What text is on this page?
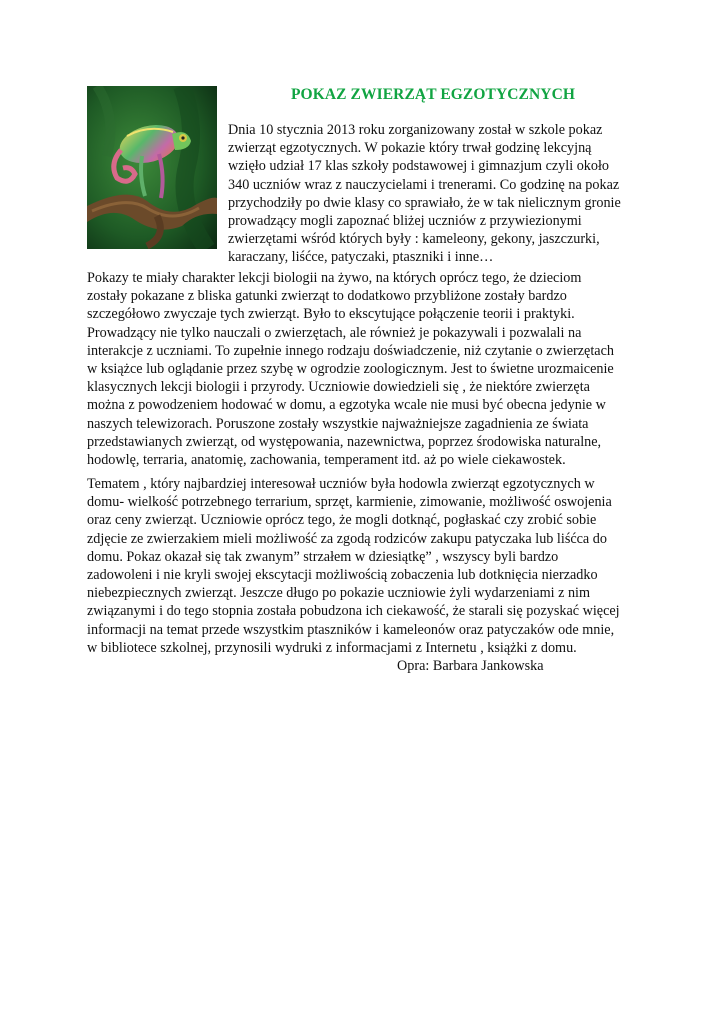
POKAZ ZWIERZĄT EGZOTYCZNYCH
Dnia 10 stycznia 2013 roku zorganizowany został w szkole pokaz
zwierząt egzotycznych. W pokazie który trwał godzinę lekcyjną
wzięło udział 17 klas szkoły podstawowej i gimnazjum czyli około
340 uczniów wraz z nauczycielami i trenerami. Co godzinę na pokaz
przychodziły po dwie klasy co sprawiało, że w tak nielicznym gronie
prowadzący mogli zapoznać bliżej uczniów z przywiezionymi
zwierzętami wśród których były : kameleony, gekony, jaszczurki,
karaczany, liśćce, patyczaki, ptaszniki i inne…
Pokazy te miały charakter lekcji biologii na żywo, na których oprócz tego, że dzieciom
zostały pokazane z bliska gatunki zwierząt to dodatkowo przybliżone zostały bardzo
szczegółowo zwyczaje tych zwierząt. Było to ekscytujące połączenie teorii i praktyki.
Prowadzący nie tylko nauczali o zwierzętach, ale również je pokazywali i pozwalali na
interakcje z uczniami. To zupełnie innego rodzaju doświadczenie, niż czytanie o zwierzętach
w książce lub oglądanie przez szybę w ogrodzie zoologicznym. Jest to świetne urozmaicenie
klasycznych lekcji biologii i przyrody. Uczniowie dowiedzieli się , że niektóre zwierzęta
można z powodzeniem hodować w domu, a egzotyka wcale nie musi być obecna jedynie w
naszych telewizorach. Poruszone zostały wszystkie najważniejsze zagadnienia ze świata
przedstawianych zwierząt, od występowania, nazewnictwa, poprzez środowiska naturalne,
hodowlę, terraria, anatomię, zachowania, temperament itd. aż po wiele ciekawostek.
Tematem , który najbardziej interesował uczniów była hodowla zwierząt egzotycznych w
domu- wielkość potrzebnego terrarium, sprzęt, karmienie, zimowanie, możliwość oswojenia
oraz ceny zwierząt. Uczniowie oprócz tego, że mogli dotknąć, pogłaskać czy zrobić sobie
zdjęcie ze zwierzakiem mieli możliwość za zgodą rodziców zakupu patyczaka lub liśćca do
domu. Pokaz okazał się tak zwanym” strzałem w dziesiątkę” , wszyscy byli bardzo
zadowoleni i nie kryli swojej ekscytacji możliwością zobaczenia lub dotknięcia nierzadko
niebezpiecznych zwierząt. Jeszcze długo po pokazie uczniowie żyli wydarzeniami z nim
związanymi i do tego stopnia została pobudzona ich ciekawość, że starali się pozyskać więcej
informacji na temat przede wszystkim ptaszników i kameleonów oraz patyczaków ode mnie,
w bibliotece szkolnej, przynosili wydruki z informacjami z Internetu , książki z domu.
Opra: Barbara Jankowska
